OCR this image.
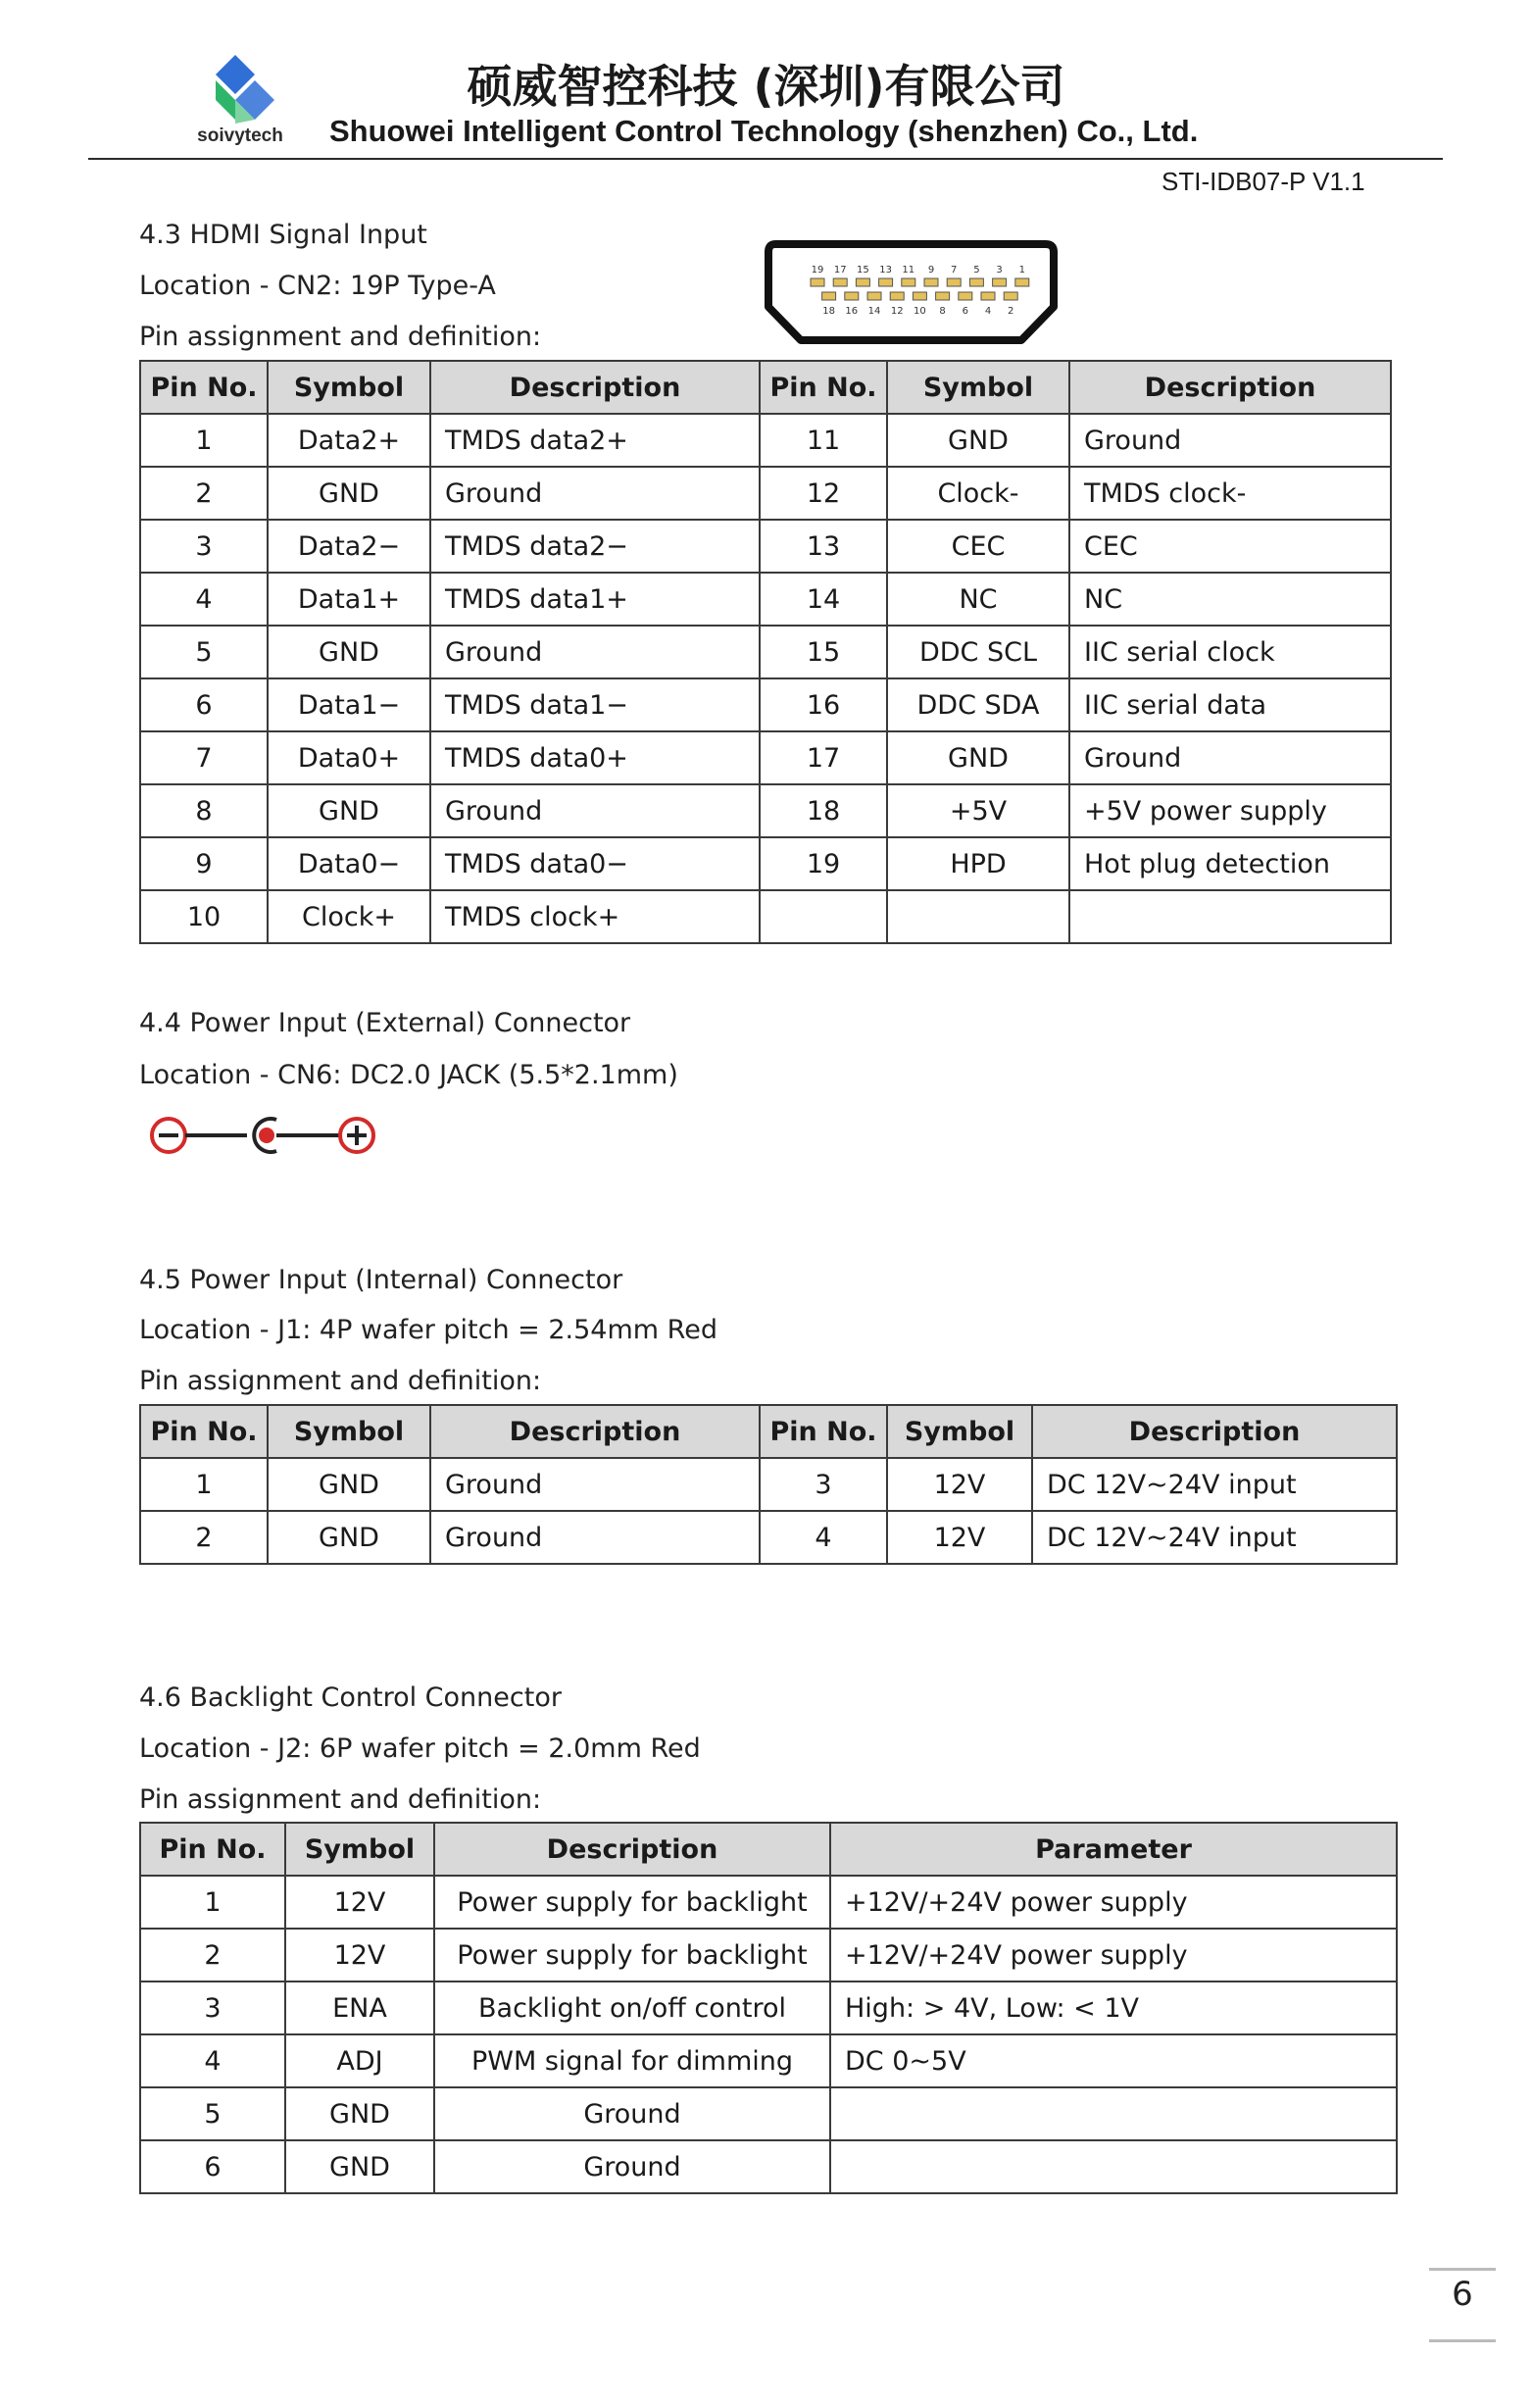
soivytech
硕威智控科技 (深圳)有限公司
Shuowei Intelligent Control Technology (shenzhen) Co., Ltd.
STI-IDB07-P V1.1
4.3 HDMI Signal Input
Location - CN2: 19P Type-A
Pin assignment and definition:
19 17 15 13 11 9 7 5 3 1
18 16 14 12 10 8 6 4 2
Pin No.	Symbol	Description	Pin No.	Symbol	Description
1	Data2+	TMDS data2+	11	GND	Ground
2	GND	Ground	12	Clock-	TMDS clock-
3	Data2−	TMDS data2−	13	CEC	CEC
4	Data1+	TMDS data1+	14	NC	NC
5	GND	Ground	15	DDC SCL	IIC serial clock
6	Data1−	TMDS data1−	16	DDC SDA	IIC serial data
7	Data0+	TMDS data0+	17	GND	Ground
8	GND	Ground	18	+5V	+5V power supply
9	Data0−	TMDS data0−	19	HPD	Hot plug detection
10	Clock+	TMDS clock+			
4.4 Power Input (External) Connector
Location - CN6: DC2.0 JACK (5.5*2.1mm)
4.5 Power Input (Internal) Connector
Location - J1: 4P wafer pitch = 2.54mm Red
Pin assignment and definition:
Pin No.	Symbol	Description	Pin No.	Symbol	Description
1	GND	Ground	3	12V	DC 12V~24V input
2	GND	Ground	4	12V	DC 12V~24V input
4.6 Backlight Control Connector
Location - J2: 6P wafer pitch = 2.0mm Red
Pin assignment and definition:
Pin No.	Symbol	Description	Parameter
1	12V	Power supply for backlight	+12V/+24V power supply
2	12V	Power supply for backlight	+12V/+24V power supply
3	ENA	Backlight on/off control	High: > 4V, Low: < 1V
4	ADJ	PWM signal for dimming	DC 0~5V
5	GND	Ground	
6	GND	Ground	
6
